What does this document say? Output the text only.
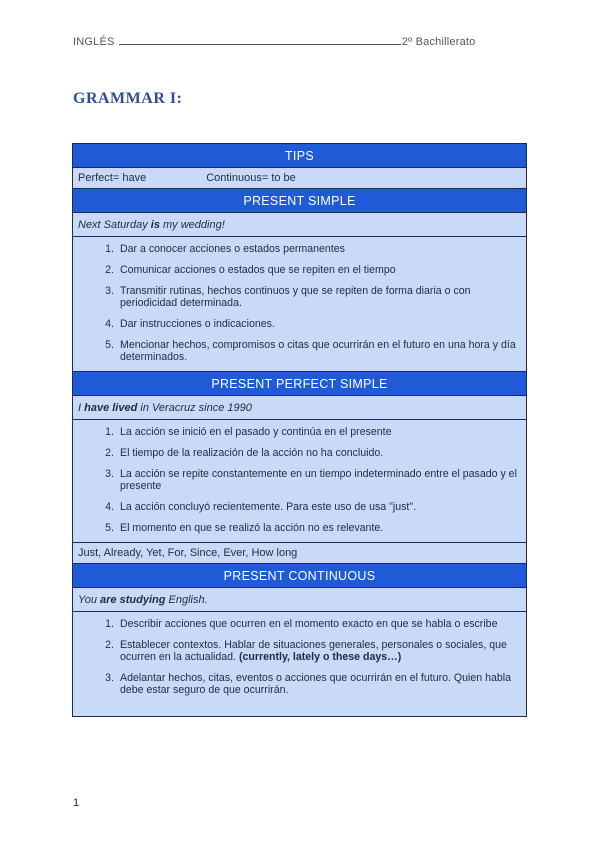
INGLÉS	2º Bachillerato
GRAMMAR I:
TIPS
Perfect= have	Continuous= to be
PRESENT SIMPLE
Next Saturday is my wedding!
1. Dar a conocer acciones o estados permanentes
2. Comunicar acciones o estados que se repiten en el tiempo
3. Transmitir rutinas, hechos continuos y que se repiten de forma diaria o con periodicidad determinada.
4. Dar instrucciones o indicaciones.
5. Mencionar hechos, compromisos o citas que ocurrirán en el futuro en una hora y día determinados.
PRESENT PERFECT SIMPLE
I have lived in Veracruz since 1990
1. La acción se inició en el pasado y continúa en el presente
2. El tiempo de la realización de la acción no ha concluido.
3. La acción se repite constantemente en un tiempo indeterminado entre el pasado y el presente
4. La acción concluyó recientemente. Para este uso de usa "just".
5. El momento en que se realizó la acción no es relevante.
Just, Already, Yet, For, Since, Ever, How long
PRESENT CONTINUOUS
You are studying English.
1. Describir acciones que ocurren en el momento exacto en que se habla o escribe
2. Establecer contextos. Hablar de situaciones generales, personales o sociales, que ocurren en la actualidad. (currently, lately o these days…)
3. Adelantar hechos, citas, eventos o acciones que ocurrirán en el futuro. Quien habla debe estar seguro de que ocurrirán.
1
